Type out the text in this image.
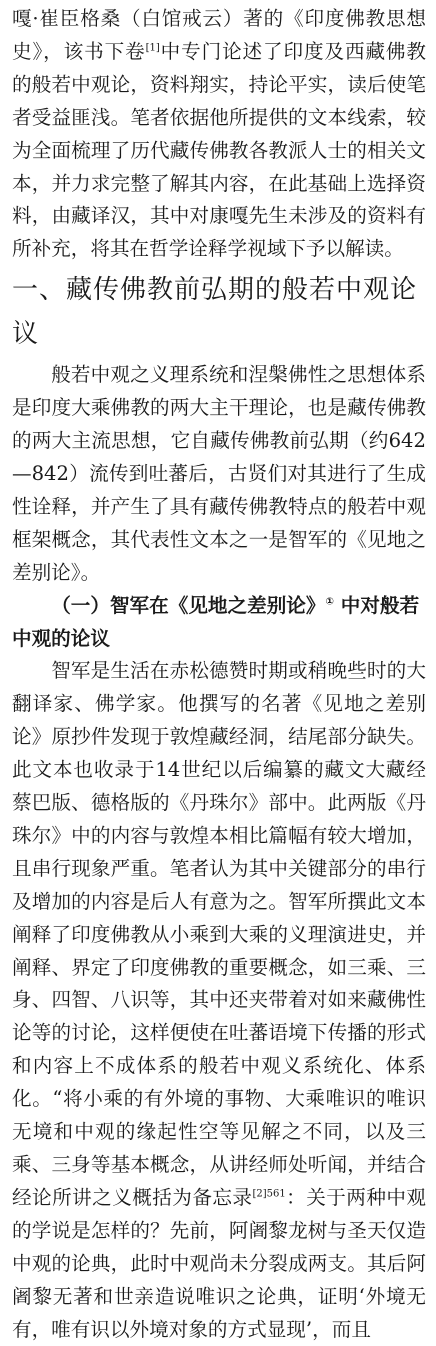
嘎·崔臣格桑（白馆戒云）著的《印度佛教思想史》，该书下卷[1]中专门论述了印度及西藏佛教的般若中观论，资料翔实，持论平实，读后使笔者受益匪浅。笔者依据他所提供的文本线索，较为全面梳理了历代藏传佛教各教派人士的相关文本，并力求完整了解其内容，在此基础上选择资料，由藏译汉，其中对康嘎先生未涉及的资料有所补充，将其在哲学诠释学视域下予以解读。

一、藏传佛教前弘期的般若中观论议

般若中观之义理系统和涅槃佛性之思想体系是印度大乘佛教的两大主干理论，也是藏传佛教的两大主流思想，它自藏传佛教前弘期（约642—842）流传到吐蕃后，古贤们对其进行了生成性诠释，并产生了具有藏传佛教特点的般若中观框架概念，其代表性文本之一是智军的《见地之差别论》。

（一）智军在《见地之差别论》① 中对般若中观的论议

智军是生活在赤松德赞时期或稍晚些时的大翻译家、佛学家。他撰写的名著《见地之差别论》原抄件发现于敦煌藏经洞，结尾部分缺失。此文本也收录于14世纪以后编纂的藏文大藏经蔡巴版、德格版的《丹珠尔》部中。此两版《丹珠尔》中的内容与敦煌本相比篇幅有较大增加，且串行现象严重。笔者认为其中关键部分的串行及增加的内容是后人有意为之。智军所撰此文本阐释了印度佛教从小乘到大乘的义理演进史，并阐释、界定了印度佛教的重要概念，如三乘、三身、四智、八识等，其中还夹带着对如来藏佛性论等的讨论，这样便使在吐蕃语境下传播的形式和内容上不成体系的般若中观义系统化、体系化。“将小乘的有外境的事物、大乘唯识的唯识无境和中观的缘起性空等见解之不同，以及三乘、三身等基本概念，从讲经师处听闻，并结合经论所讲之义概括为备忘录$^{[2]561}$：关于两种中观的学说是怎样的？先前，阿阇黎龙树与圣天仅造中观的论典，此时中观尚未分裂成两支。其后阿阇黎无著和世亲造说唯识之论典，证明‘外境无有，唯有识以外境对象的方式显现’，而且
